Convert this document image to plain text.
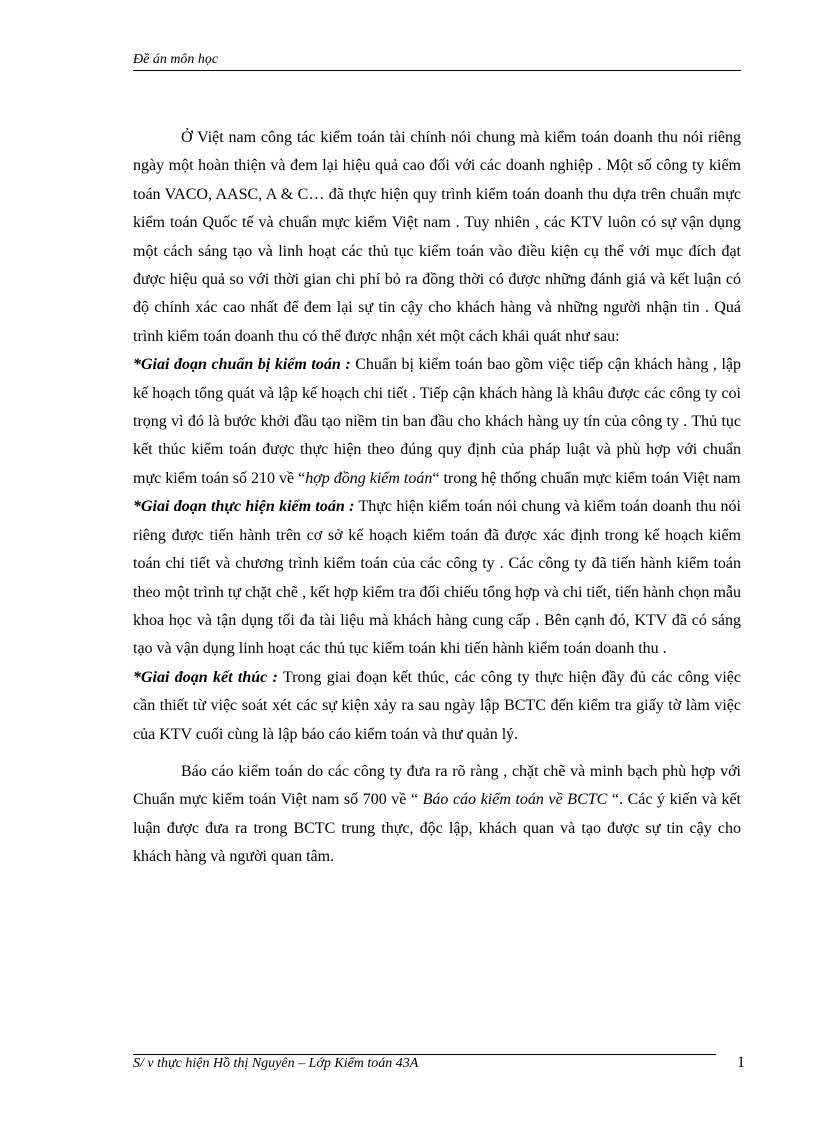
Đề án môn học

Ở Việt nam công tác kiểm toán tài chính nói chung mà kiểm toán doanh thu nói riêng ngày một hoàn thiện và đem lại hiệu quả cao đối với các doanh nghiệp . Một số công ty kiểm toán VACO, AASC, A & C… đã thực hiện quy trình kiểm toán doanh thu dựa trên chuẩn mực kiểm toán Quốc tế và chuẩn mực kiểm Việt nam . Tuy nhiên , các KTV luôn có sự vận dụng một cách sáng tạo và linh hoạt các thủ tục kiểm toán vào điều kiện cụ thể với mục đích đạt được hiệu quả so với thời gian chi phí bỏ ra đồng thời có được những đánh giá và kết luận có độ chính xác cao nhất để đem lại sự tin cậy cho khách hàng và những người nhận tin . Quá trình kiểm toán doanh thu có thể được nhận xét một cách khái quát như sau:

*Giai đoạn chuẩn bị kiểm toán : Chuẩn bị kiểm toán bao gồm việc tiếp cận khách hàng , lập kế hoạch tổng quát và lập kế hoạch chi tiết . Tiếp cận khách hàng là khâu được các công ty coi trọng vì đó là bước khởi đầu tạo niềm tin ban đầu cho khách hàng uy tín của công ty . Thủ tục kết thúc kiểm toán được thực hiện theo đúng quy định của pháp luật và phù hợp với chuẩn mực kiểm toán số 210 về “hợp đồng kiểm toán“ trong hệ thống chuẩn mực kiểm toán Việt nam

*Giai đoạn thực hiện kiểm toán : Thực hiện kiểm toán nói chung và kiểm toán doanh thu nói riêng được tiến hành trên cơ sở kế hoạch kiểm toán đã được xác định trong kế hoạch kiểm toán chi tiết và chương trình kiểm toán của các công ty . Các công ty đã tiến hành kiểm toán theo một trình tự chặt chẽ , kết hợp kiểm tra đối chiếu tổng hợp và chi tiết, tiến hành chọn mẫu khoa học và tận dụng tối đa tài liệu mà khách hàng cung cấp . Bên cạnh đó, KTV đã có sáng tạo và vận dụng linh hoạt các thủ tục kiểm toán khi tiến hành kiểm toán doanh thu .

*Giai đoạn kết thúc : Trong giai đoạn kết thúc, các công ty thực hiện đầy đủ các công việc cần thiết từ việc soát xét các sự kiện xảy ra sau ngày lập BCTC đến kiểm tra giấy tờ làm việc của KTV cuối cùng là lập báo cáo kiểm toán và thư quản lý.

Báo cáo kiểm toán do các công ty đưa ra rõ ràng , chặt chẽ và minh bạch phù hợp với Chuẩn mực kiểm toán Việt nam số 700 về “ Báo cáo kiểm toán về BCTC “. Các ý kiến và kết luận được đưa ra trong BCTC trung thực, độc lập, khách quan và tạo được sự tin cậy cho khách hàng và người quan tâm.

S/ v thực hiện Hồ thị Nguyên – Lớp Kiểm toán 43A	1
